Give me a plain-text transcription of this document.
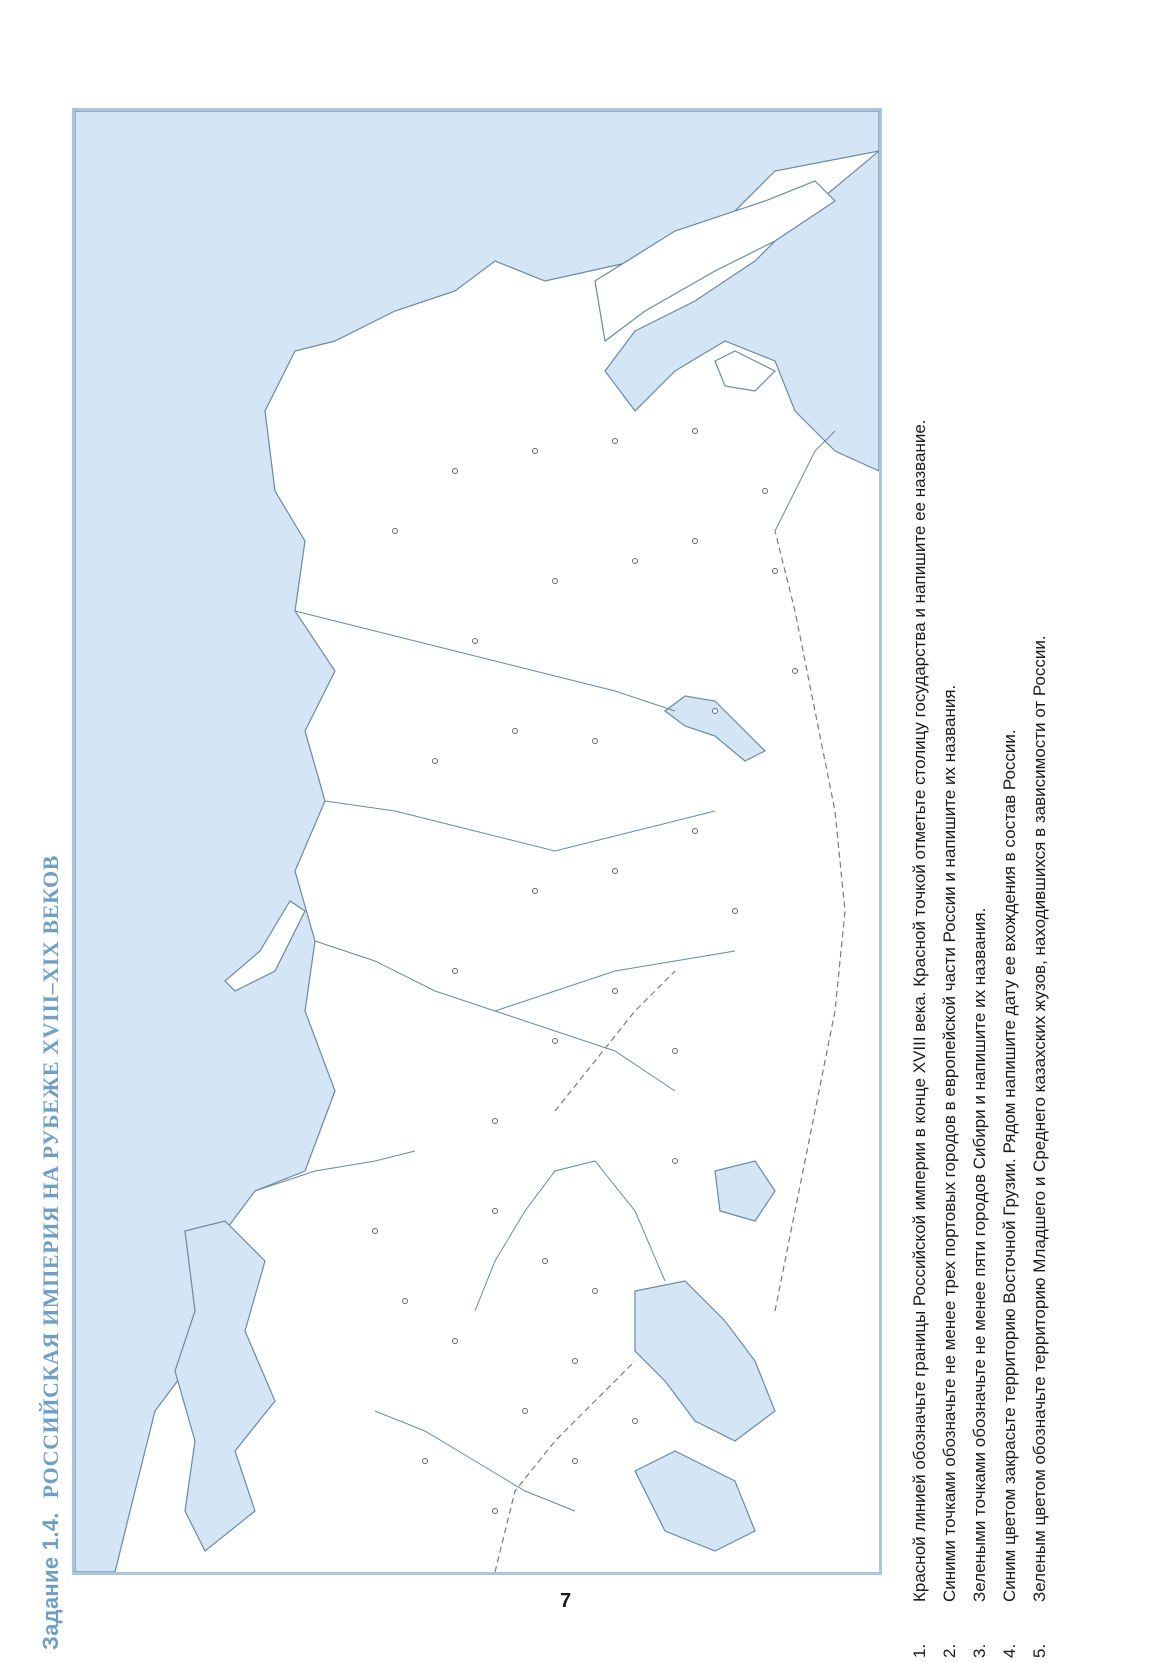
Задание 1.4.РОССИЙСКАЯ ИМПЕРИЯ НА РУБЕЖЕ XVIII–XIX ВЕКОВ
7
1.
Красной линией обозначьте границы Российской империи в конце XVIII века. Красной точкой отметьте столицу государства и напишите ее название.
2.
Синими точками обозначьте не менее трех портовых городов в европейской части России и напишите их названия.
3.
Зелеными точками обозначьте не менее пяти городов Сибири и напишите их названия.
4.
Синим цветом закрасьте территорию Восточной Грузии. Рядом напишите дату ее вхождения в состав России.
5.
Зеленым цветом обозначьте территорию Младшего и Среднего казахских жузов, находившихся в зависимости от России.
